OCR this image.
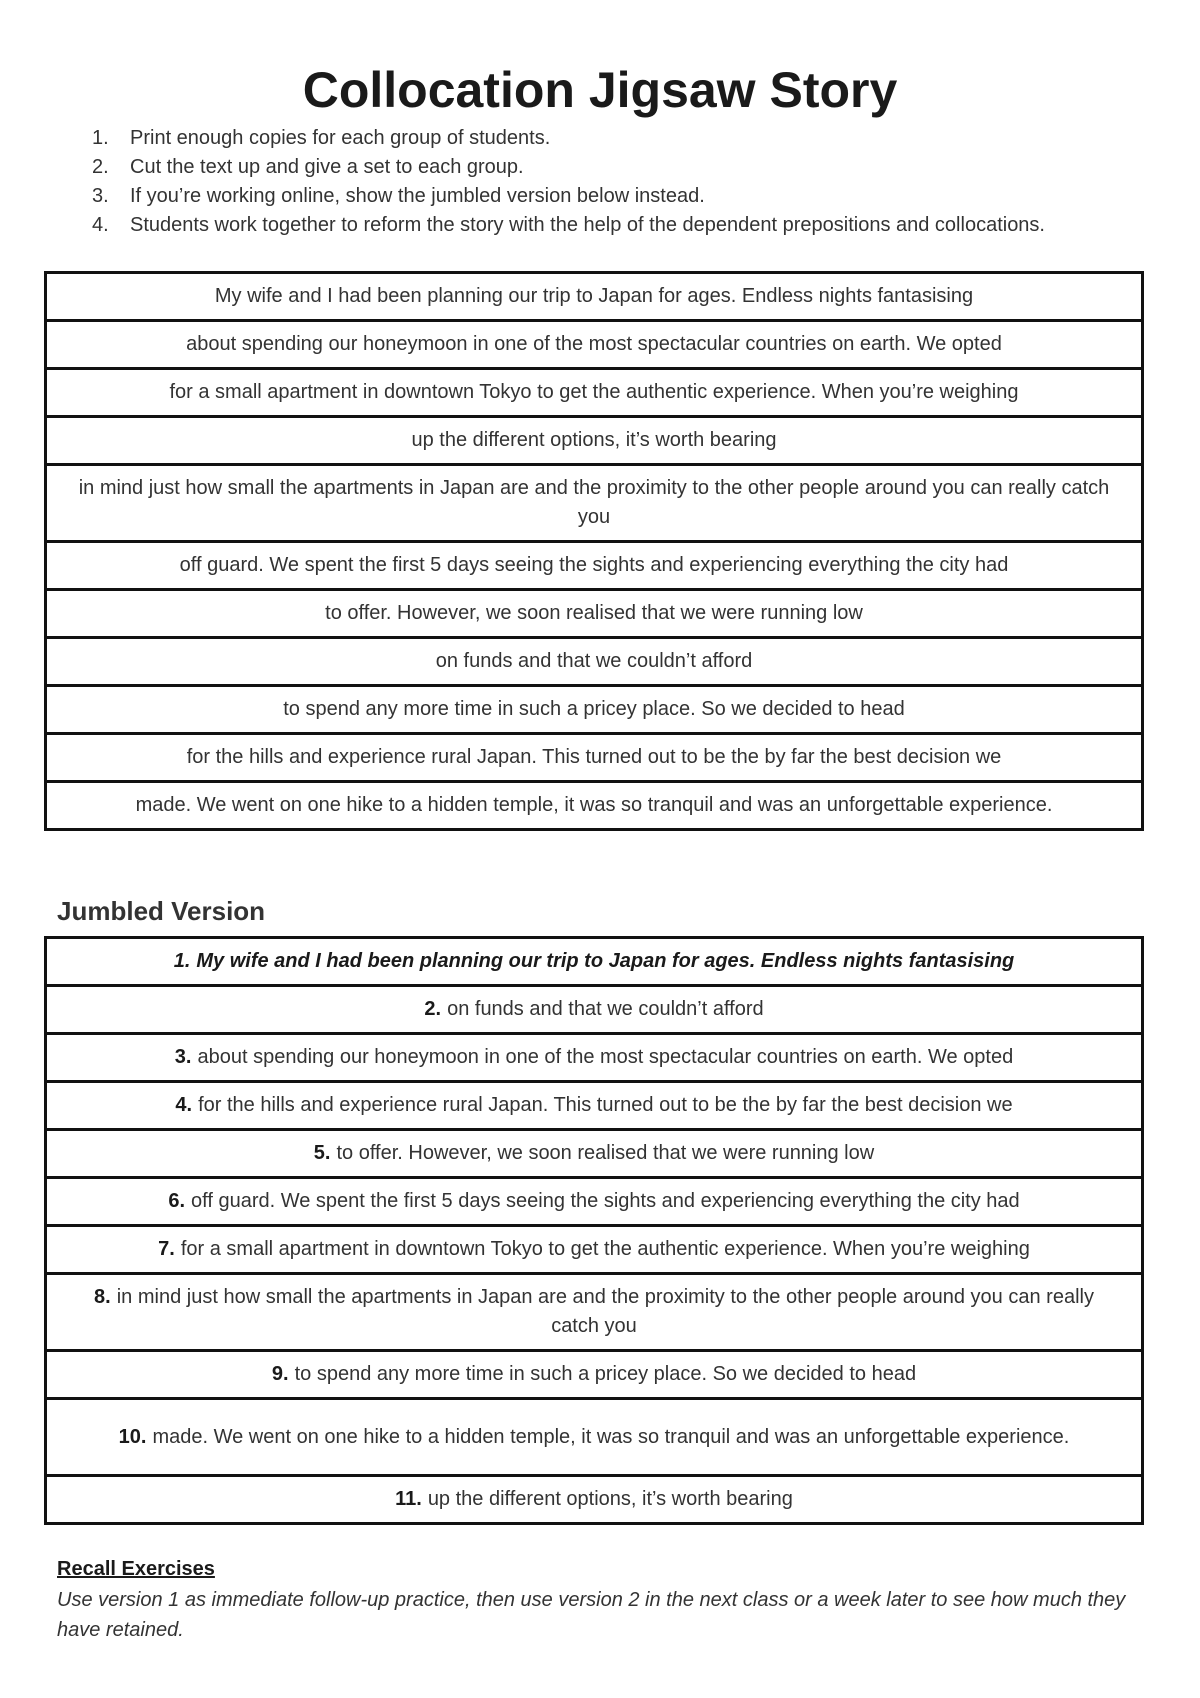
Collocation Jigsaw Story
1.	Print enough copies for each group of students.
2.	Cut the text up and give a set to each group.
3.	If you’re working online, show the jumbled version below instead.
4.	Students work together to reform the story with the help of the dependent prepositions and collocations.
My wife and I had been planning our trip to Japan for ages. Endless nights fantasising
about spending our honeymoon in one of the most spectacular countries on earth. We opted
for a small apartment in downtown Tokyo to get the authentic experience. When you’re weighing
up the different options, it’s worth bearing
in mind just how small the apartments in Japan are and the proximity to the other people around you can really catch you
off guard. We spent the first 5 days seeing the sights and experiencing everything the city had
to offer. However, we soon realised that we were running low
on funds and that we couldn’t afford
to spend any more time in such a pricey place. So we decided to head
for the hills and experience rural Japan. This turned out to be the by far the best decision we
made. We went on one hike to a hidden temple, it was so tranquil and was an unforgettable experience.
Jumbled Version
1. My wife and I had been planning our trip to Japan for ages. Endless nights fantasising
2. on funds and that we couldn’t afford
3. about spending our honeymoon in one of the most spectacular countries on earth. We opted
4. for the hills and experience rural Japan. This turned out to be the by far the best decision we
5. to offer. However, we soon realised that we were running low
6. off guard. We spent the first 5 days seeing the sights and experiencing everything the city had
7. for a small apartment in downtown Tokyo to get the authentic experience. When you’re weighing
8. in mind just how small the apartments in Japan are and the proximity to the other people around you can really catch you
9. to spend any more time in such a pricey place. So we decided to head
10. made. We went on one hike to a hidden temple, it was so tranquil and was an unforgettable experience.
11. up the different options, it’s worth bearing
Recall Exercises

Use version 1 as immediate follow-up practice, then use version 2 in the next class or a week later to see how much they have retained.
